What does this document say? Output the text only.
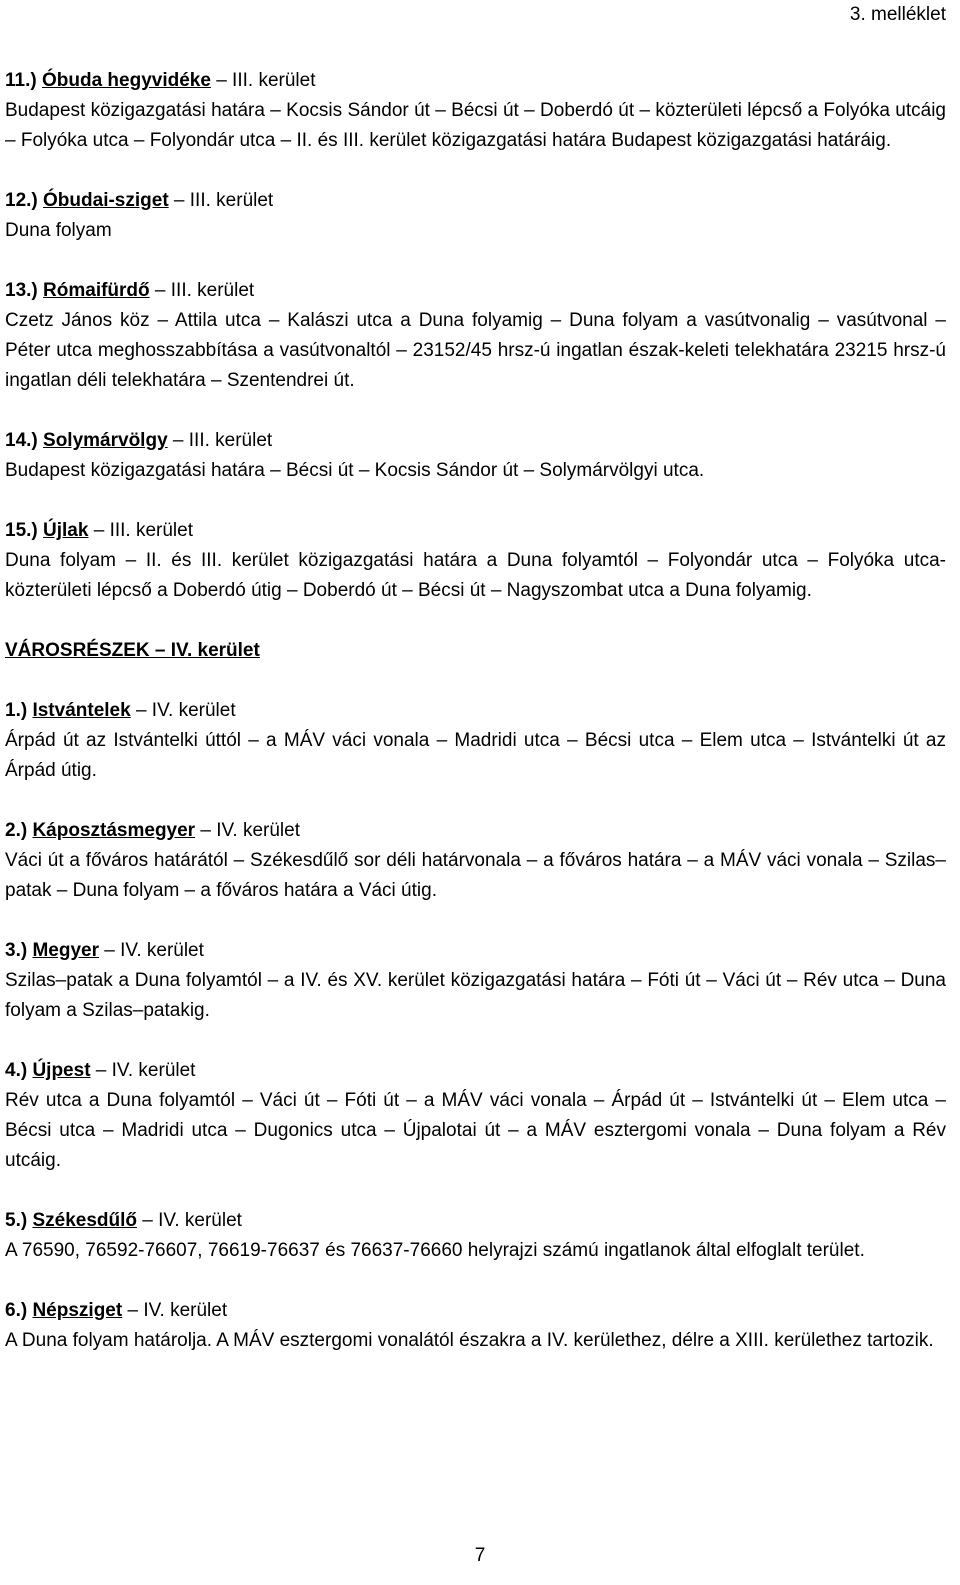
3. melléklet
11.) Óbuda hegyvidéke – III. kerület
Budapest közigazgatási határa – Kocsis Sándor út – Bécsi út – Doberdó út – közterületi lépcső a Folyóka utcáig – Folyóka utca – Folyondár utca – II. és III. kerület közigazgatási határa Budapest közigazgatási határáig.
12.) Óbudai-sziget – III. kerület
Duna folyam
13.) Rómaifürdő – III. kerület
Czetz János köz – Attila utca – Kalászi utca a Duna folyamig – Duna folyam a vasútvonalig – vasútvonal – Péter utca meghosszabbítása a vasútvonaltól – 23152/45 hrsz-ú ingatlan észak-keleti telekhatára 23215 hrsz-ú ingatlan déli telekhatára – Szentendrei út.
14.) Solymárvölgy – III. kerület
Budapest közigazgatási határa – Bécsi út – Kocsis Sándor út – Solymárvölgyi utca.
15.) Újlak – III. kerület
Duna folyam – II. és III. kerület közigazgatási határa a Duna folyamtól – Folyondár utca – Folyóka utca- közterületi lépcső a Doberdó útig – Doberdó út – Bécsi út – Nagyszombat utca a Duna folyamig.
VÁROSRÉSZEK – IV. kerület
1.) Istvántelek – IV. kerület
Árpád út az Istvántelki úttól – a MÁV váci vonala – Madridi utca – Bécsi utca – Elem utca – Istvántelki út az Árpád útig.
2.) Káposztásmegyer – IV. kerület
Váci út a főváros határától – Székesdűlő sor déli határvonala – a főváros határa – a MÁV váci vonala – Szilas–patak – Duna folyam – a főváros határa a Váci útig.
3.) Megyer – IV. kerület
Szilas–patak a Duna folyamtól – a IV. és XV. kerület közigazgatási határa – Fóti út – Váci út – Rév utca – Duna folyam a Szilas–patakig.
4.) Újpest – IV. kerület
Rév utca a Duna folyamtól – Váci út – Fóti út – a MÁV váci vonala – Árpád út – Istvántelki út – Elem utca – Bécsi utca – Madridi utca – Dugonics utca – Újpalotai út – a MÁV esztergomi vonala – Duna folyam a Rév utcáig.
5.) Székesdűlő – IV. kerület
A 76590, 76592-76607, 76619-76637 és 76637-76660 helyrajzi számú ingatlanok által elfoglalt terület.
6.) Népsziget – IV. kerület
A Duna folyam határolja. A MÁV esztergomi vonalától északra a IV. kerülethez, délre a XIII. kerülethez tartozik.
7
